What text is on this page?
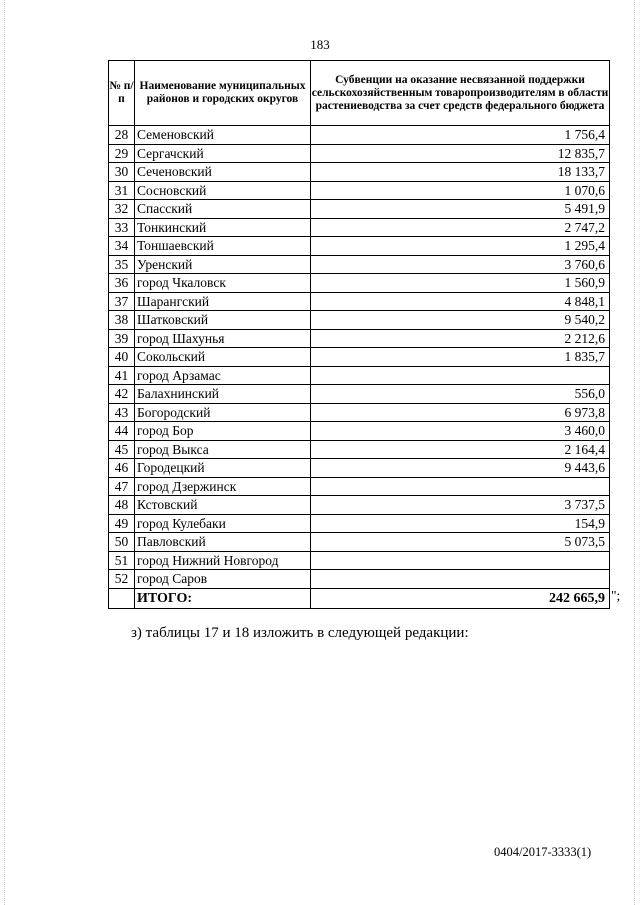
183
№ п/п	Наименование муниципальных районов и городских округов	Субвенции на оказание несвязанной поддержки сельскохозяйственным товаропроизводителям в области растениеводства за счет средств федерального бюджета
28	Семеновский	1 756,4
29	Сергачский	12 835,7
30	Сеченовский	18 133,7
31	Сосновский	1 070,6
32	Спасский	5 491,9
33	Тонкинский	2 747,2
34	Тоншаевский	1 295,4
35	Уренский	3 760,6
36	город Чкаловск	1 560,9
37	Шарангский	4 848,1
38	Шатковский	9 540,2
39	город Шахунья	2 212,6
40	Сокольский	1 835,7
41	город Арзамас	
42	Балахнинский	556,0
43	Богородский	6 973,8
44	город Бор	3 460,0
45	город Выкса	2 164,4
46	Городецкий	9 443,6
47	город Дзержинск	
48	Кстовский	3 737,5
49	город Кулебаки	154,9
50	Павловский	5 073,5
51	город Нижний Новгород	
52	город Саров	
	ИТОГО:	242 665,9 ";
з) таблицы 17 и 18 изложить в следующей редакции:
0404/2017-3333(1)
